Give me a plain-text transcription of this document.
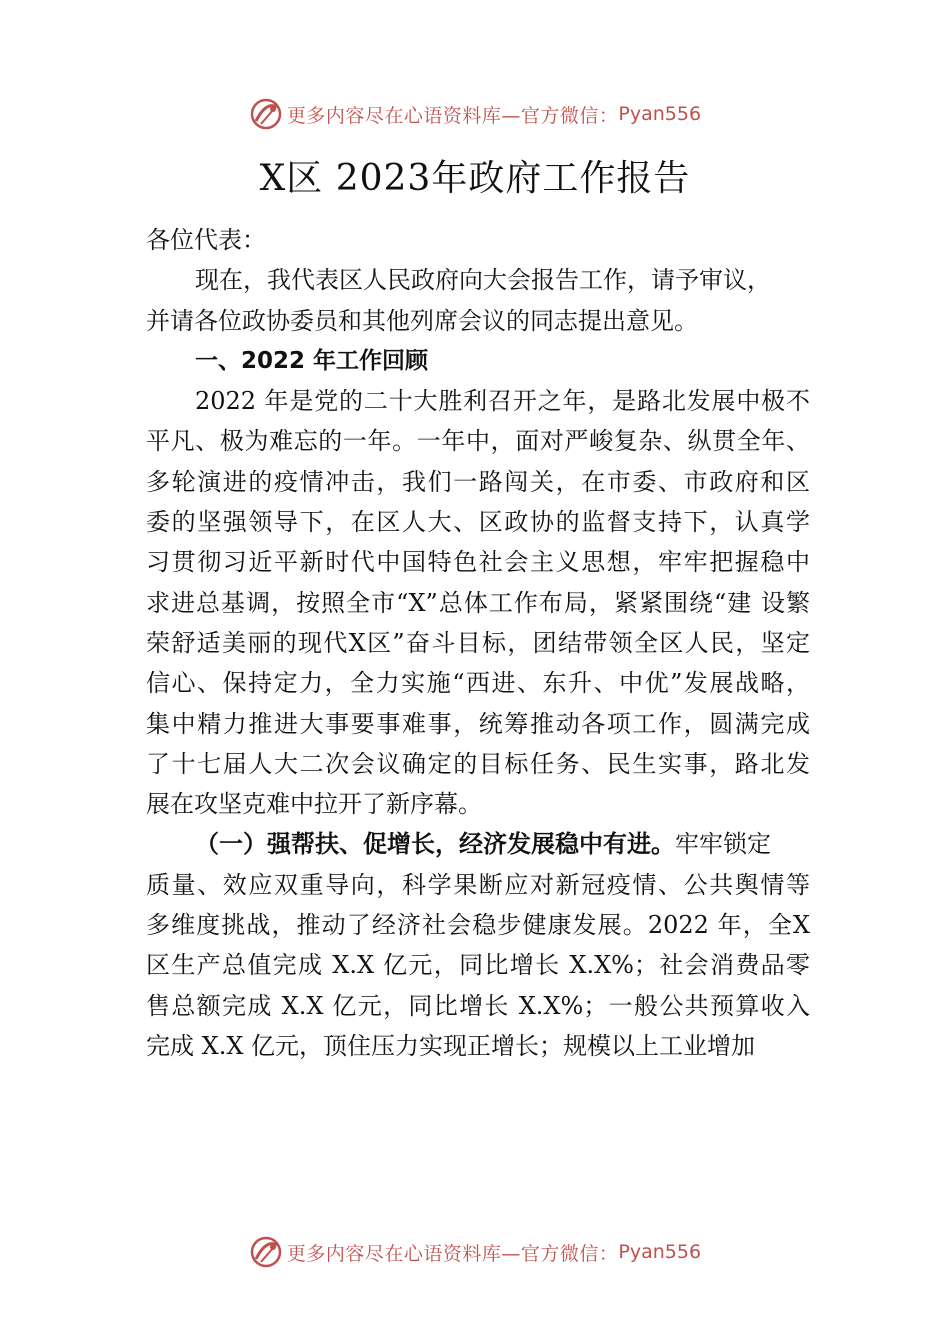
更多内容尽在心语资料库—官方微信： Pyan556
X区 2023年政府工作报告
各位代表：
现在，我代表区人民政府向大会报告工作，请予审议，
并请各位政协委员和其他列席会议的同志提出意见。
一、2022 年工作回顾
2022 年是党的二十大胜利召开之年，是路北发展中极不
平凡、极为难忘的一年。一年中，面对严峻复杂、纵贯全年、
多轮演进的疫情冲击，我们一路闯关，在市委、市政府和区
委的坚强领导下，在区人大、区政协的监督支持下，认真学
习贯彻习近平新时代中国特色社会主义思想，牢牢把握稳中
求进总基调，按照全市“X”总体工作布局，紧紧围绕“建 设繁
荣舒适美丽的现代X区”奋斗目标，团结带领全区人民，坚定
信心、保持定力，全力实施“西进、东升、中优”发展战略，
集中精力推进大事要事难事，统筹推动各项工作，圆满完成
了十七届人大二次会议确定的目标任务、民生实事，路北发
展在攻坚克难中拉开了新序幕。
（一）强帮扶、促增长，经济发展稳中有进。牢牢锁定
质量、效应双重导向，科学果断应对新冠疫情、公共舆情等
多维度挑战，推动了经济社会稳步健康发展。2022 年，全X
区生产总值完成 X.X 亿元，同比增长 X.X%；社会消费品零
售总额完成 X.X 亿元，同比增长 X.X%；一般公共预算收入
完成 X.X 亿元，顶住压力实现正增长；规模以上工业增加
更多内容尽在心语资料库—官方微信： Pyan556
